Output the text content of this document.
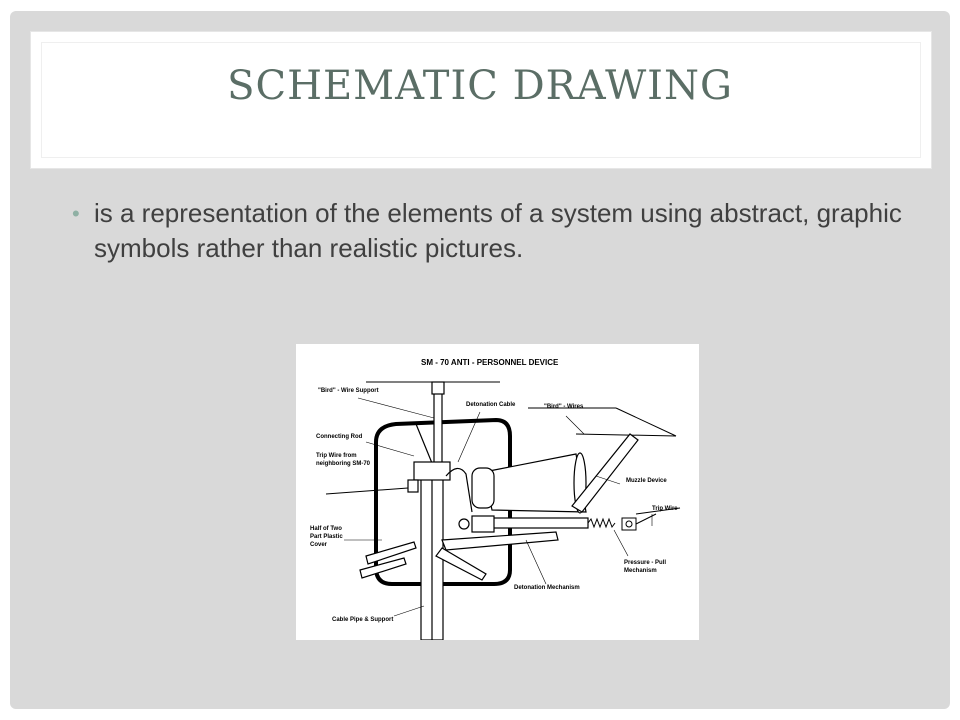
SCHEMATIC DRAWING
• is a representation of the elements of a system using abstract, graphic symbols rather than realistic pictures.
SM - 70 ANTI - PERSONNEL DEVICE
"Bird" - Wire Support
Detonation Cable	"Bird" - Wires
Connecting Rod
Trip Wire from
neighboring SM-70
Muzzle Device
Trip Wire
Half of Two
Part Plastic
Cover
Pressure - Pull
Mechanism
Detonation Mechanism
Cable Pipe & Support
